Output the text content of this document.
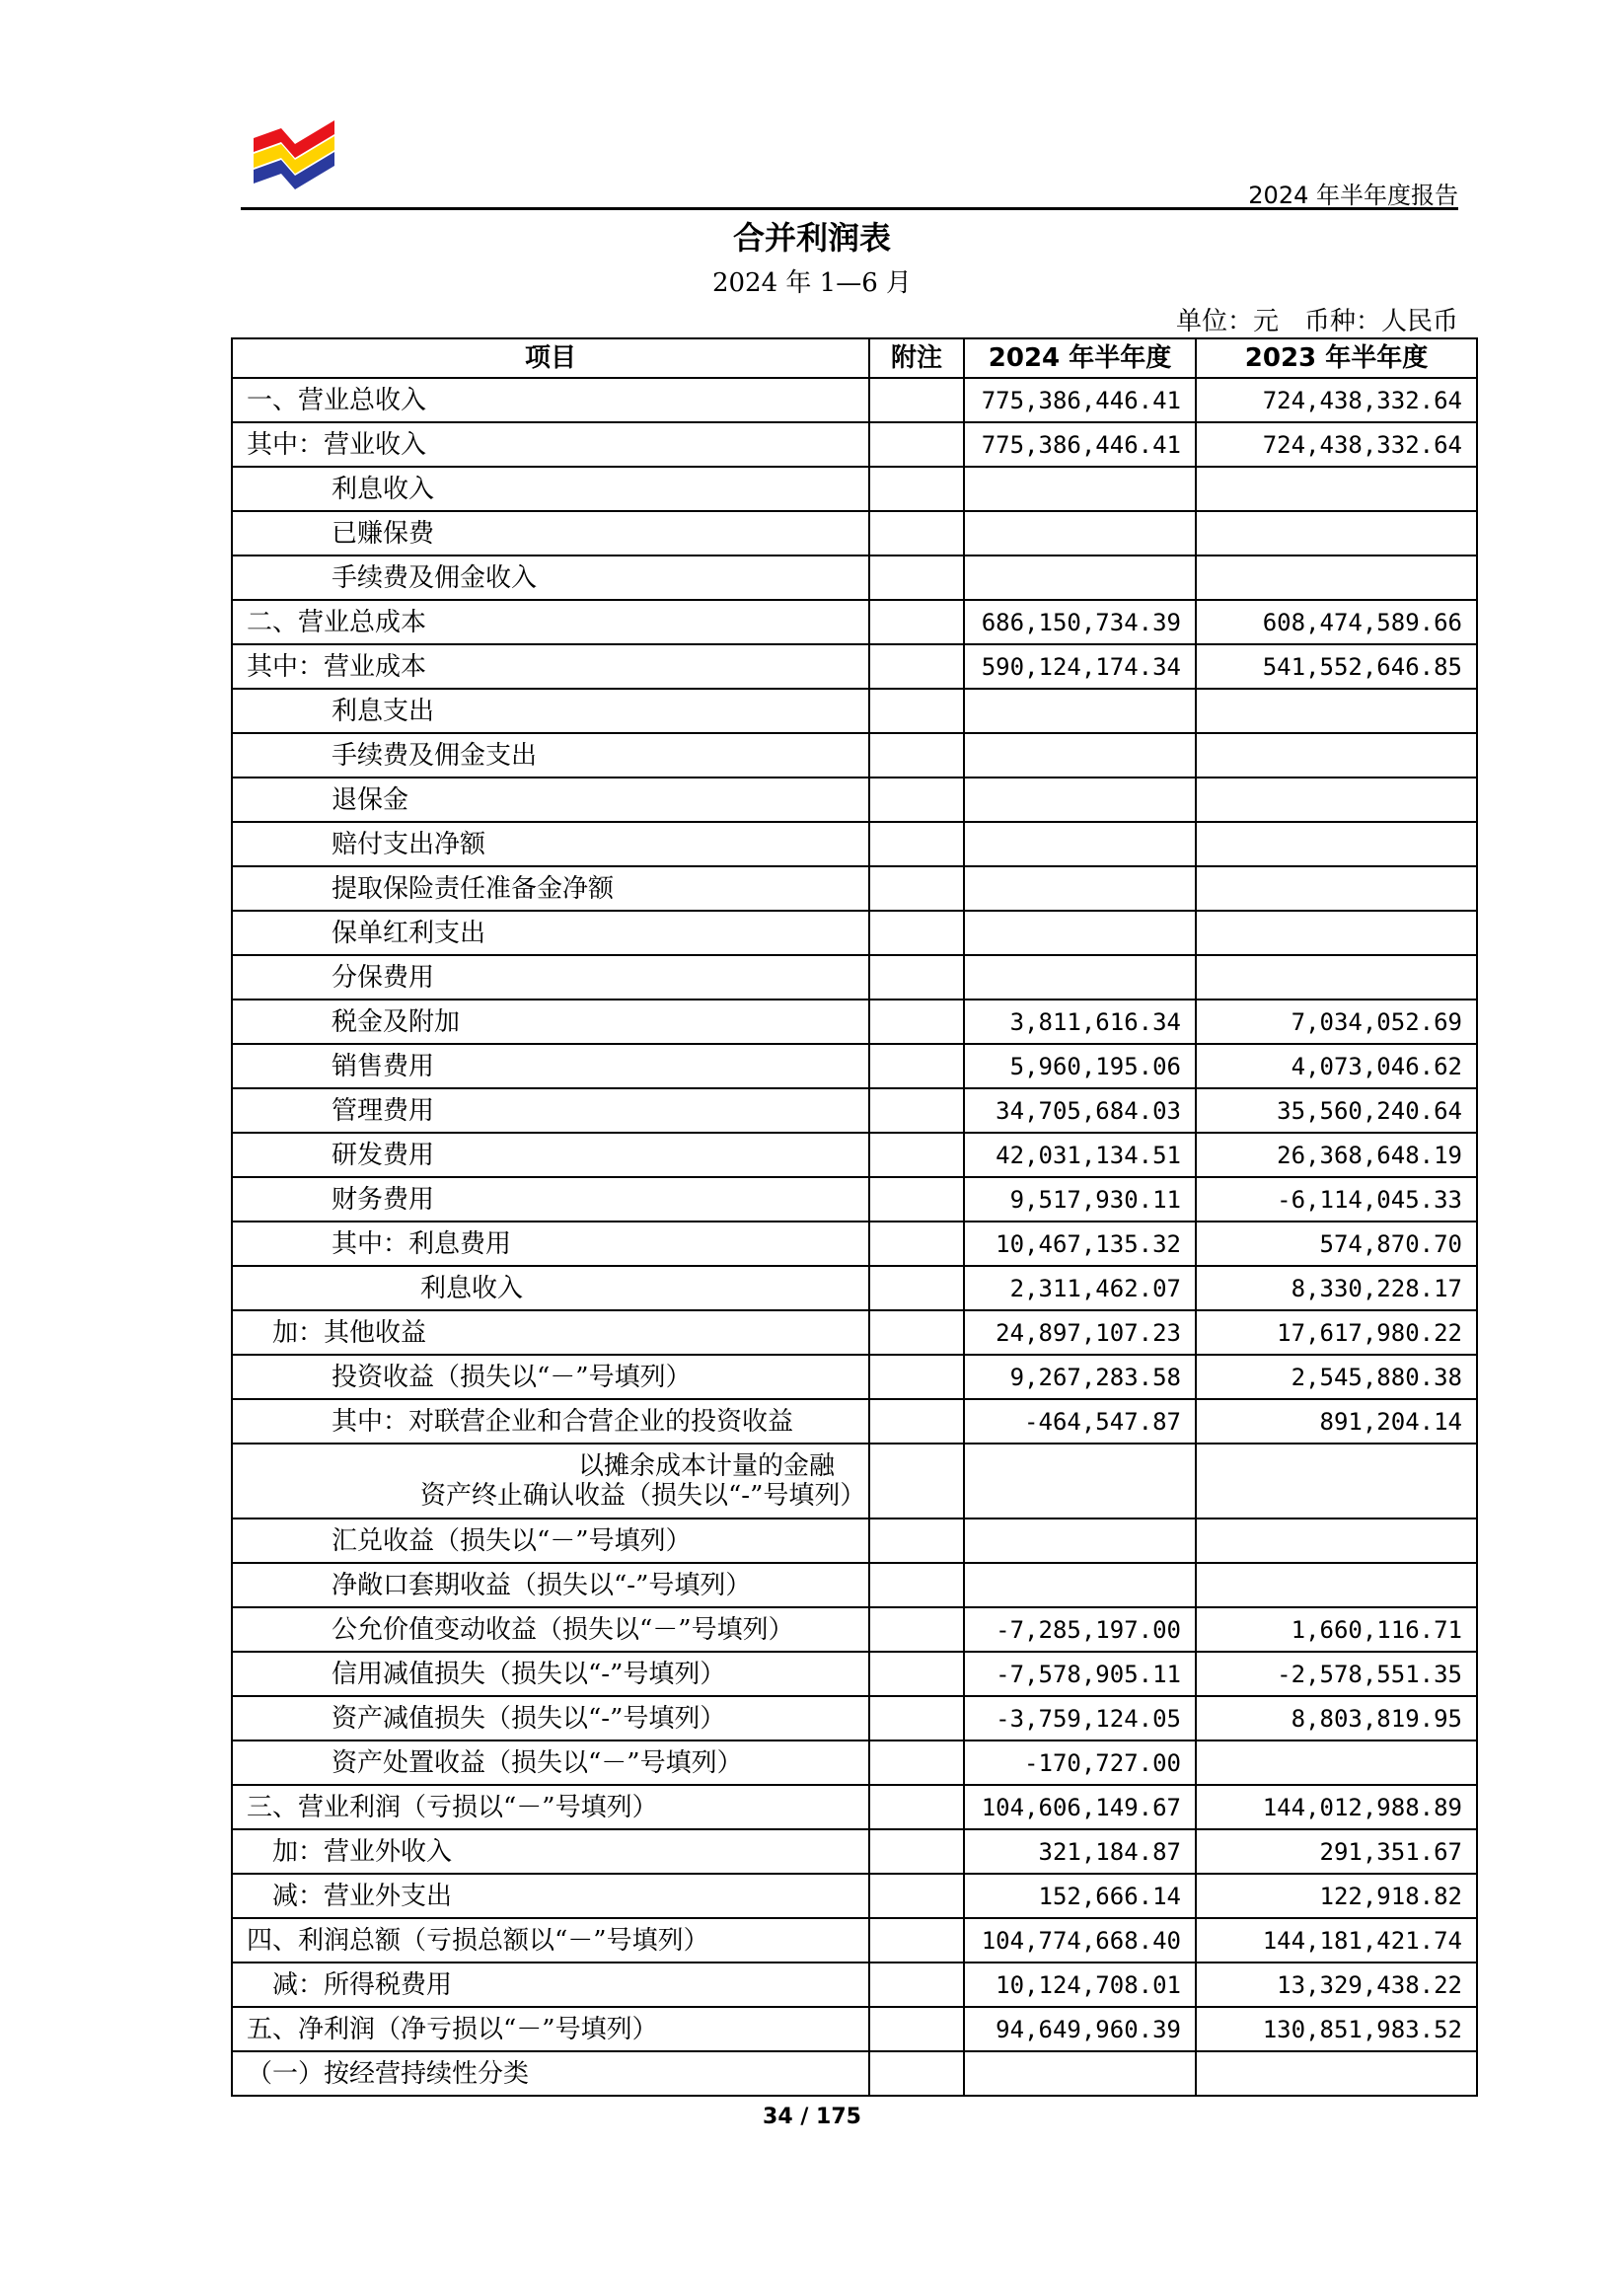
2024 年半年度报告
合并利润表
2024 年 1—6 月
单位：元　币种：人民币
项目	附注	2024 年半年度	2023 年半年度
一、营业总收入		775,386,446.41	724,438,332.64
其中：营业收入		775,386,446.41	724,438,332.64
利息收入			
已赚保费			
手续费及佣金收入			
二、营业总成本		686,150,734.39	608,474,589.66
其中：营业成本		590,124,174.34	541,552,646.85
利息支出			
手续费及佣金支出			
退保金			
赔付支出净额			
提取保险责任准备金净额			
保单红利支出			
分保费用			
税金及附加		3,811,616.34	7,034,052.69
销售费用		5,960,195.06	4,073,046.62
管理费用		34,705,684.03	35,560,240.64
研发费用		42,031,134.51	26,368,648.19
财务费用		9,517,930.11	-6,114,045.33
其中：利息费用		10,467,135.32	574,870.70
利息收入		2,311,462.07	8,330,228.17
加：其他收益		24,897,107.23	17,617,980.22
投资收益（损失以“－”号填列）		9,267,283.58	2,545,880.38
其中：对联营企业和合营企业的投资收益		-464,547.87	891,204.14
以摊余成本计量的金融资产终止确认收益（损失以“-”号填列）			
汇兑收益（损失以“－”号填列）			
净敞口套期收益（损失以“-”号填列）			
公允价值变动收益（损失以“－”号填列）		-7,285,197.00	1,660,116.71
信用减值损失（损失以“-”号填列）		-7,578,905.11	-2,578,551.35
资产减值损失（损失以“-”号填列）		-3,759,124.05	8,803,819.95
资产处置收益（损失以“－”号填列）		-170,727.00	
三、营业利润（亏损以“－”号填列）		104,606,149.67	144,012,988.89
加：营业外收入		321,184.87	291,351.67
减：营业外支出		152,666.14	122,918.82
四、利润总额（亏损总额以“－”号填列）		104,774,668.40	144,181,421.74
减：所得税费用		10,124,708.01	13,329,438.22
五、净利润（净亏损以“－”号填列）		94,649,960.39	130,851,983.52
（一）按经营持续性分类			
34 / 175
